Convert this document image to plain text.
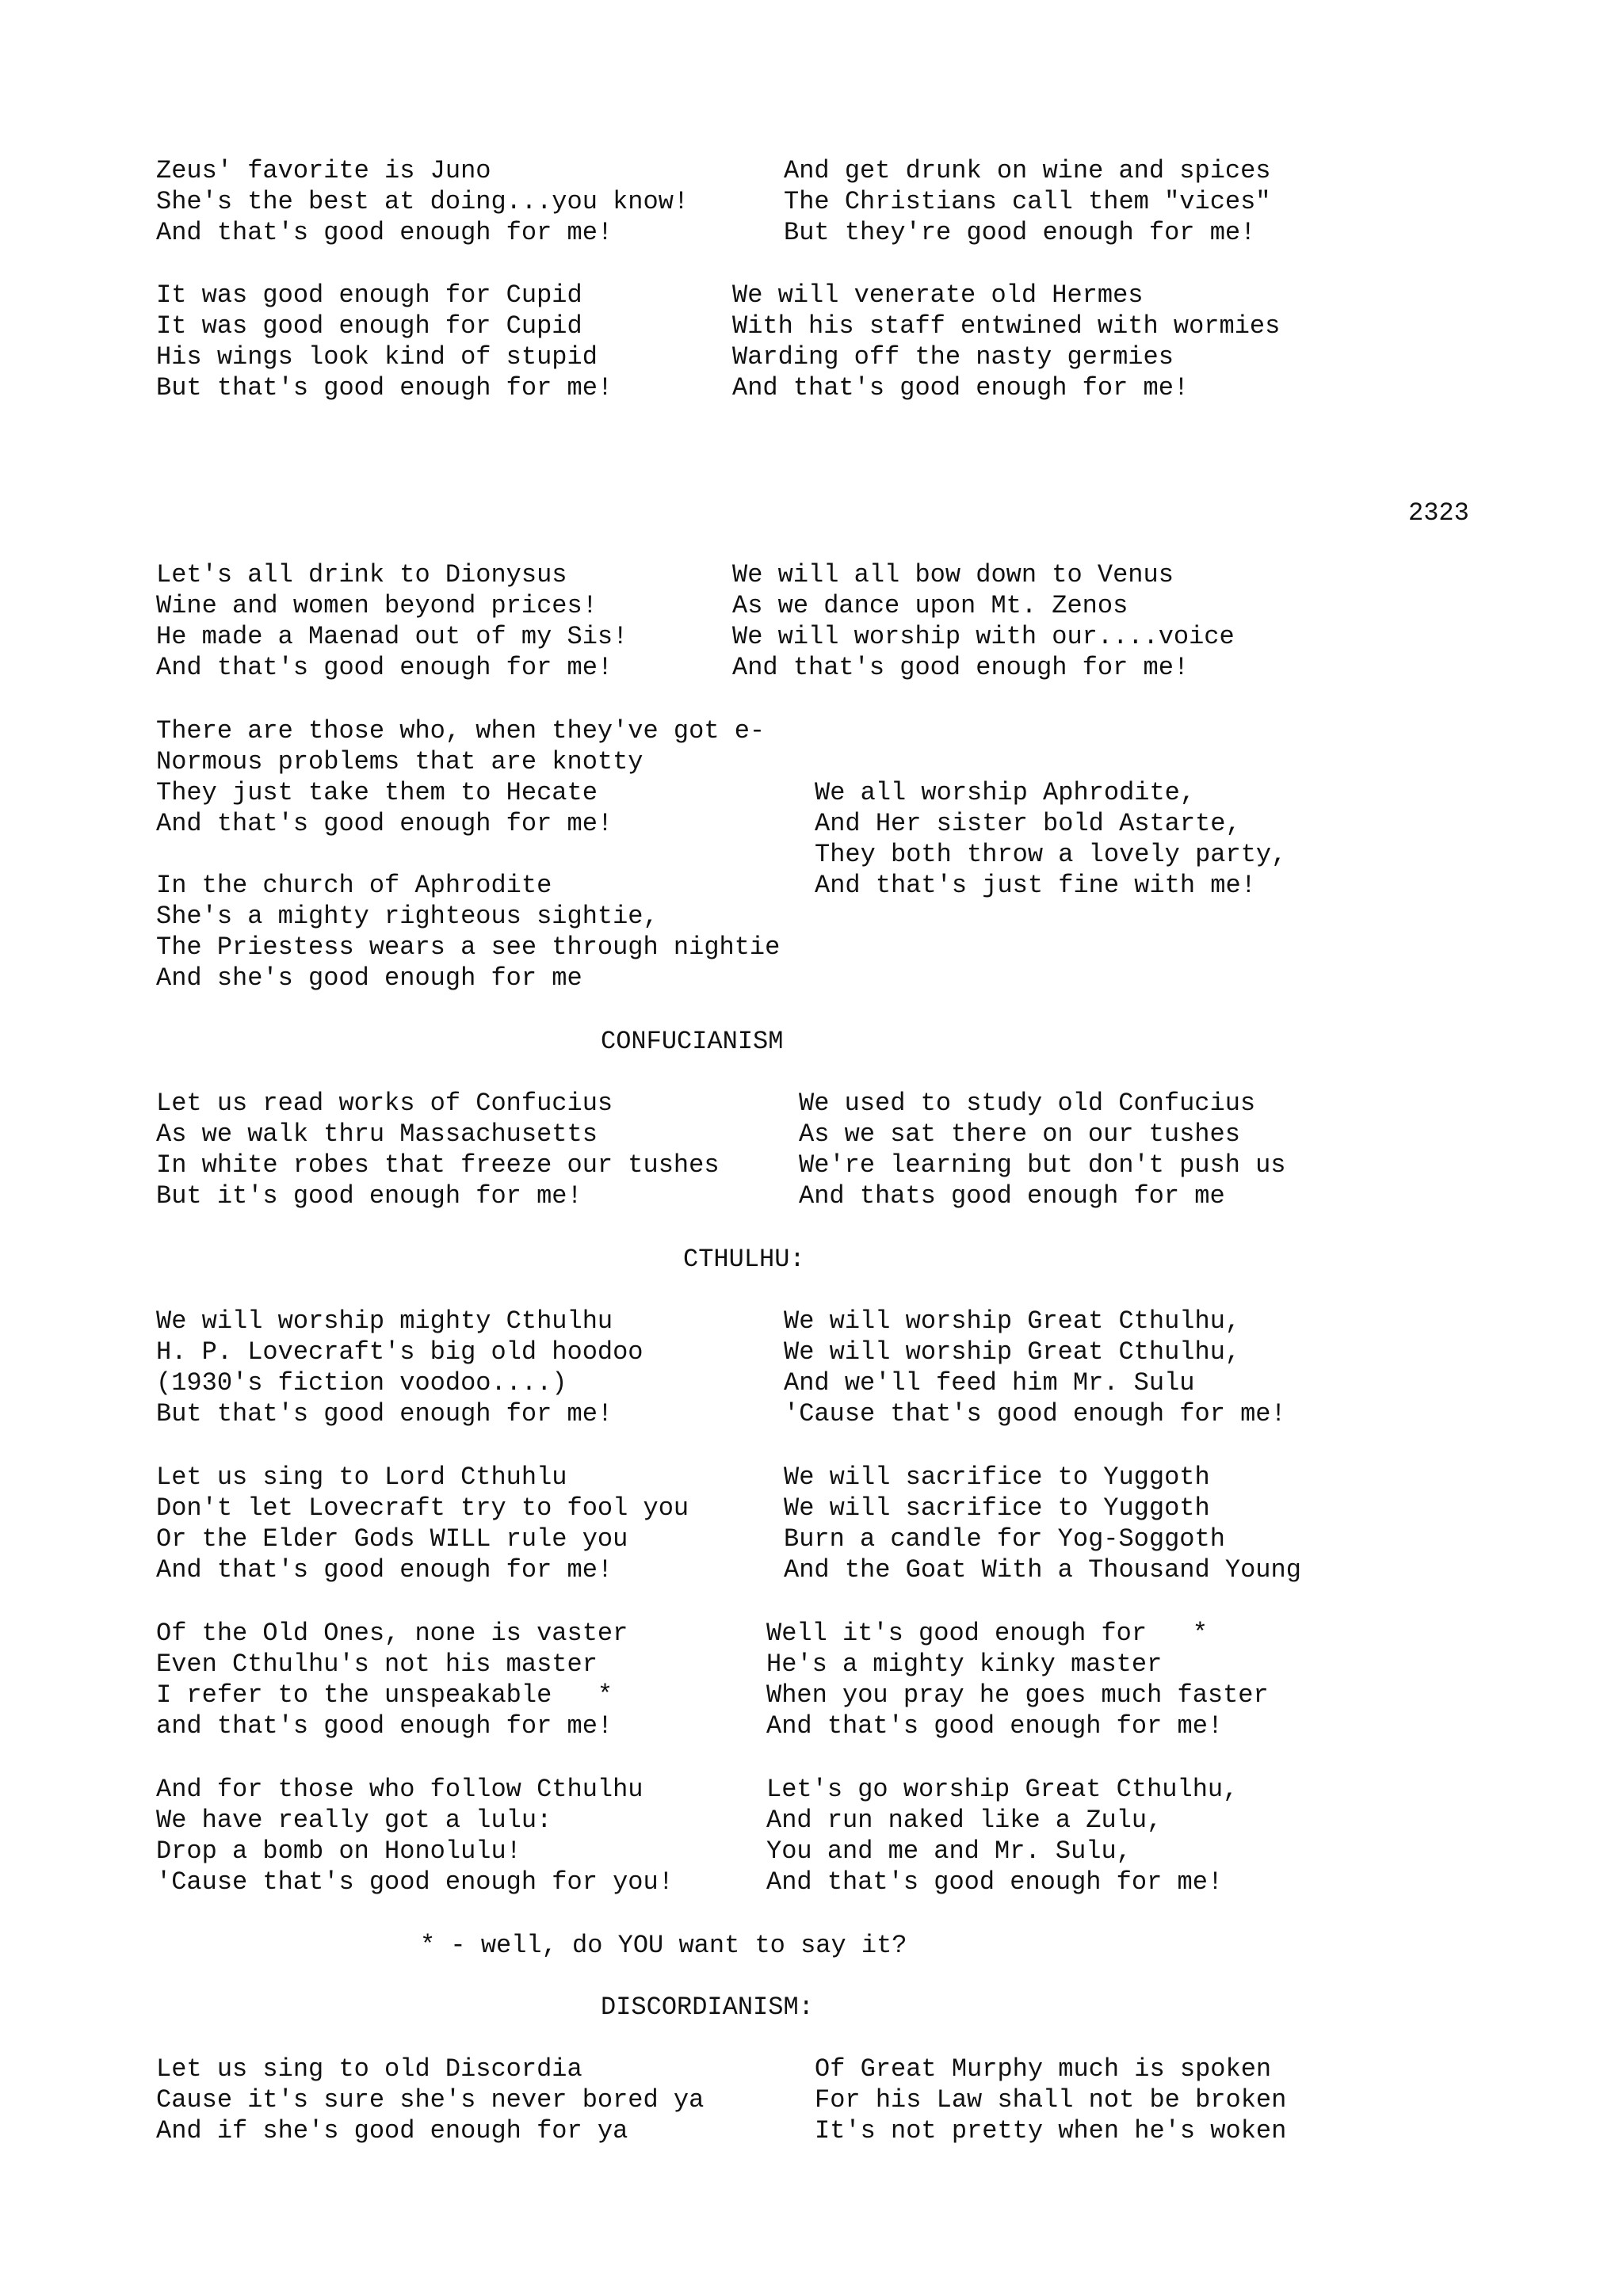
Zeus' favorite is Juno
She's the best at doing...you know!
And that's good enough for me!
And get drunk on wine and spices
The Christians call them "vices"
But they're good enough for me!
It was good enough for Cupid
It was good enough for Cupid
His wings look kind of stupid
But that's good enough for me!
We will venerate old Hermes
With his staff entwined with wormies
Warding off the nasty germies
And that's good enough for me!
2323
Let's all drink to Dionysus
Wine and women beyond prices!
He made a Maenad out of my Sis!
And that's good enough for me!
We will all bow down to Venus
As we dance upon Mt. Zenos
We will worship with our....voice
And that's good enough for me!
There are those who, when they've got e-
Normous problems that are knotty
They just take them to Hecate
And that's good enough for me!
In the church of Aphrodite
She's a mighty righteous sightie,
The Priestess wears a see through nightie
And she's good enough for me
We all worship Aphrodite,
And Her sister bold Astarte,
They both throw a lovely party,
And that's just fine with me!
CONFUCIANISM
Let us read works of Confucius
As we walk thru Massachusetts
In white robes that freeze our tushes
But it's good enough for me!
We used to study old Confucius
As we sat there on our tushes
We're learning but don't push us
And thats good enough for me
CTHULHU:
We will worship mighty Cthulhu
H. P. Lovecraft's big old hoodoo
(1930's fiction voodoo....)
But that's good enough for me!
We will worship Great Cthulhu,
We will worship Great Cthulhu,
And we'll feed him Mr. Sulu
'Cause that's good enough for me!
Let us sing to Lord Cthuhlu
Don't let Lovecraft try to fool you
Or the Elder Gods WILL rule you
And that's good enough for me!
We will sacrifice to Yuggoth
We will sacrifice to Yuggoth
Burn a candle for Yog-Soggoth
And the Goat With a Thousand Young
Of the Old Ones, none is vaster
Even Cthulhu's not his master
I refer to the unspeakable   *
and that's good enough for me!
Well it's good enough for   *
He's a mighty kinky master
When you pray he goes much faster
And that's good enough for me!
And for those who follow Cthulhu
We have really got a lulu:
Drop a bomb on Honolulu!
'Cause that's good enough for you!
Let's go worship Great Cthulhu,
And run naked like a Zulu,
You and me and Mr. Sulu,
And that's good enough for me!
* - well, do YOU want to say it?
DISCORDIANISM:
Let us sing to old Discordia
Cause it's sure she's never bored ya
And if she's good enough for ya
Of Great Murphy much is spoken
For his Law shall not be broken
It's not pretty when he's woken
